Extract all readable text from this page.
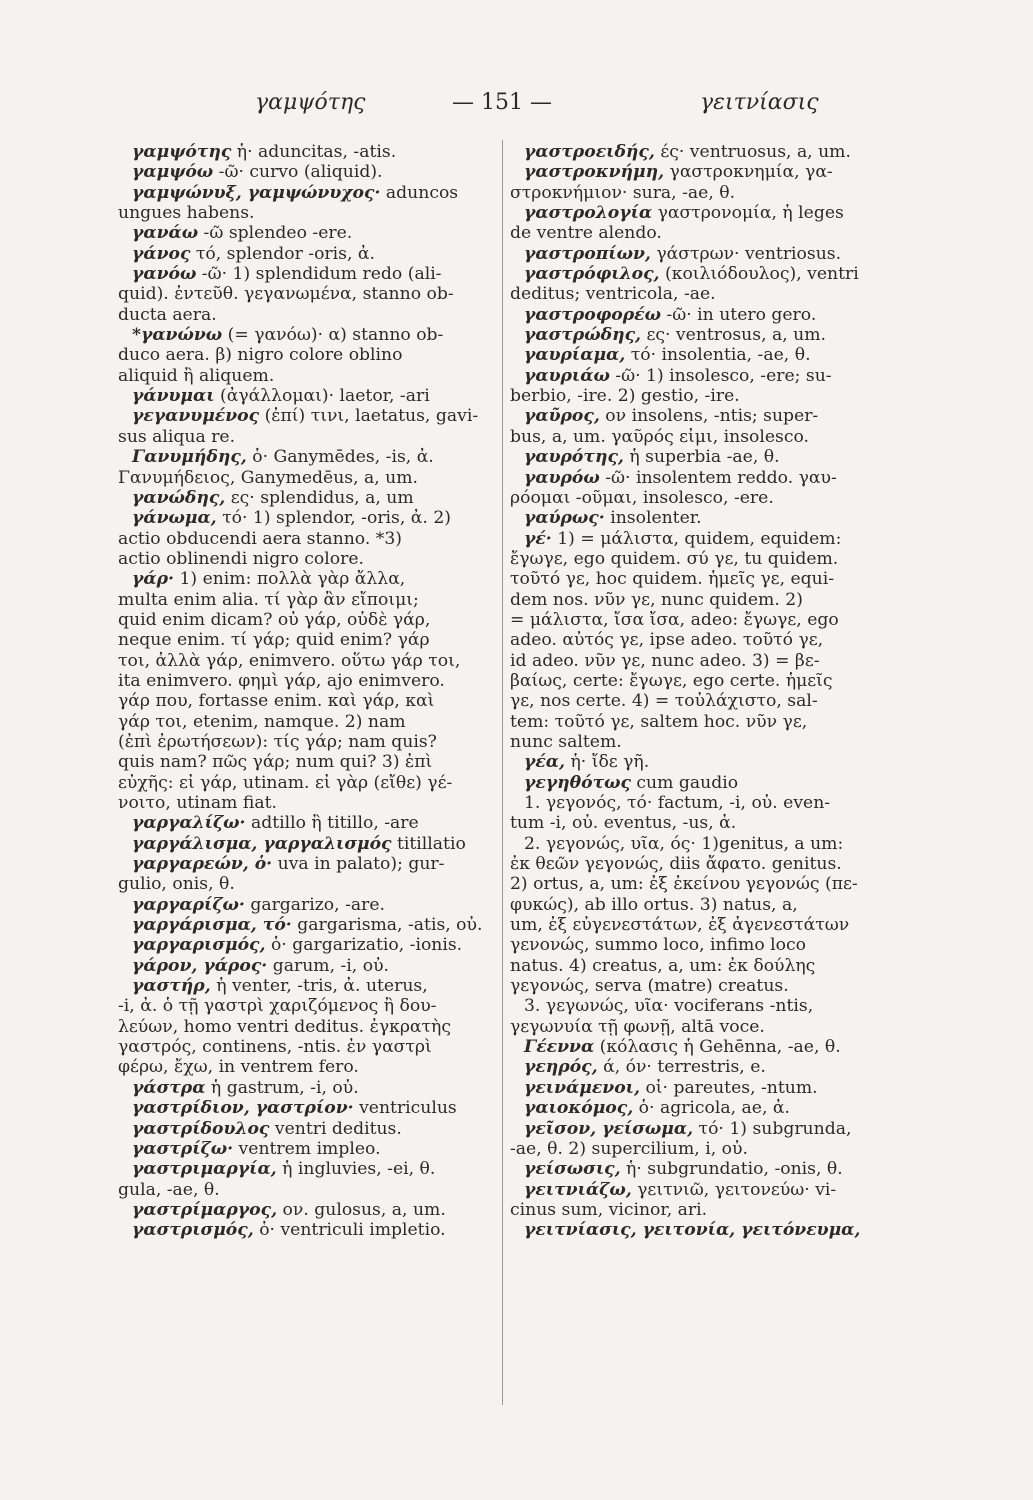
γαμψότης	— 151 —	γειτνίασις
γαμψότης ἡ· aduncitas, -atis.
γαμψόω -ῶ· curvo (aliquid).
γαμψώνυξ, γαμψώνυχος· aduncos
ungues habens.
γανάω -ῶ splendeo -ere.
γάνος τό, splendor -oris, ἀ.
γανόω -ῶ· 1) splendidum redo (ali-
quid). ἐντεῦθ. γεγανωμένα, stanno ob-
ducta aera.
*γανώνω (= γανόω)· α) stanno ob-
duco aera. β) nigro colore oblino
aliquid ἢ aliquem.
γάνυμαι (ἀγάλλομαι)· laetor, -ari
γεγανυμένος (ἐπί) τινι, laetatus, gavi-
sus aliqua re.
Γανυμήδης, ὁ· Ganymēdes, -is, ἀ.
Γανυμήδειος, Ganymedēus, a, um.
γανώδης, ες· splendidus, a, um
γάνωμα, τό· 1) splendor, -oris, ἀ. 2)
actio obducendi aera stanno. *3)
actio oblinendi nigro colore.
γάρ· 1) enim: πολλὰ γὰρ ἄλλα,
multa enim alia. τί γὰρ ἂν εἴποιμι;
quid enim dicam? οὐ γάρ, οὐδὲ γάρ,
neque enim. τί γάρ; quid enim? γάρ
τοι, ἀλλὰ γάρ, enimvero. οὕτω γάρ τοι,
ita enimvero. φημὶ γάρ, ajo enimvero.
γάρ που, fortasse enim. καὶ γάρ, καὶ
γάρ τοι, etenim, namque. 2) nam
(ἐπὶ ἐρωτήσεων): τίς γάρ; nam quis?
quis nam? πῶς γάρ; num qui? 3) ἐπὶ
εὐχῆς: εἰ γάρ, utinam. εἰ γὰρ (εἴθε) γέ-
νοιτο, utinam fiat.
γαργαλίζω· adtillo ἢ titillo, -are
γαργάλισμα, γαργαλισμός titillatio
γαργαρεών, ὁ· uva in palato); gur-
gulio, onis, θ.
γαργαρίζω· gargarizo, -are.
γαργάρισμα, τό· gargarisma, -atis, οὐ.
γαργαρισμός, ὁ· gargarizatio, -ionis.
γάρον, γάρος· garum, -i, οὐ.
γαστήρ, ἡ venter, -tris, ἀ. uterus,
-i, ἀ. ὁ τῇ γαστρὶ χαριζόμενος ἢ δου-
λεύων, homo ventri deditus. ἐγκρατὴς
γαστρός, continens, -ntis. ἐν γαστρὶ
φέρω, ἔχω, in ventrem fero.
γάστρα ἡ gastrum, -i, οὐ.
γαστρίδιον, γαστρίον· ventriculus
γαστρίδουλος ventri deditus.
γαστρίζω· ventrem impleo.
γαστριμαργία, ἡ ingluvies, -ei, θ.
gula, -ae, θ.
γαστρίμαργος, ον. gulosus, a, um.
γαστρισμός, ὁ· ventriculi impletio.
γαστροειδής, ές· ventruosus, a, um.
γαστροκνήμη, γαστροκνημία, γα-
στροκνήμιον· sura, -ae, θ.
γαστρολογία γαστρονομία, ἡ leges
de ventre alendo.
γαστροπίων, γάστρων· ventriosus.
γαστρόφιλος, (κοιλιόδουλος), ventri
deditus; ventricola, -ae.
γαστροφορέω -ῶ· in utero gero.
γαστρώδης, ες· ventrosus, a, um.
γαυρίαμα, τό· insolentia, -ae, θ.
γαυριάω -ῶ· 1) insolesco, -ere; su-
berbio, -ire. 2) gestio, -ire.
γαῦρος, ον insolens, -ntis; super-
bus, a, um. γαῦρός εἰμι, insolesco.
γαυρότης, ἡ superbia -ae, θ.
γαυρόω -ῶ· insolentem reddo. γαυ-
ρόομαι -οῦμαι, insolesco, -ere.
γαύρως· insolenter.
γέ· 1) = μάλιστα, quidem, equidem:
ἔγωγε, ego quidem. σύ γε, tu quidem.
τοῦτό γε, hoc quidem. ἡμεῖς γε, equi-
dem nos. νῦν γε, nunc quidem. 2)
= μάλιστα, ἴσα ἴσα, adeo: ἔγωγε, ego
adeo. αὐτός γε, ipse adeo. τοῦτό γε,
id adeo. νῦν γε, nunc adeo. 3) = βε-
βαίως, certe: ἔγωγε, ego certe. ἡμεῖς
γε, nos certe. 4) = τοὐλάχιστο, sal-
tem: τοῦτό γε, saltem hoc. νῦν γε,
nunc saltem.
γέα, ἡ· ἴδε γῆ.
γεγηθότως cum gaudio
1. γεγονός, τό· factum, -i, οὐ. even-
tum -i, οὐ. eventus, -us, ἀ.
2. γεγονώς, υῖα, ός· 1)genitus, a um:
ἐκ θεῶν γεγονώς, diis ἄφατο. genitus.
2) ortus, a, um: ἐξ ἐκείνου γεγονώς (πε-
φυκώς), ab illo ortus. 3) natus, a,
um, ἐξ εὐγενεστάτων, ἐξ ἀγενεστάτων
γενονώς, summo loco, infimo loco
natus. 4) creatus, a, um: ἐκ δούλης
γεγονώς, serva (matre) creatus.
3. γεγωνώς, υῖα· vociferans -ntis,
γεγωνυία τῇ φωνῇ, altā voce.
Γέεννα (κόλασις ἡ Gehēnna, -ae, θ.
γεηρός, ά, όν· terrestris, e.
γεινάμενοι, οἱ· pareutes, -ntum.
γαιοκόμος, ὁ· agricola, ae, ἀ.
γεῖσον, γείσωμα, τό· 1) subgrunda,
-ae, θ. 2) supercilium, i, οὐ.
γείσωσις, ἡ· subgrundatio, -onis, θ.
γειτνιάζω, γειτνιῶ, γειτονεύω· vi-
cinus sum, vicinor, ari.
γειτνίασις, γειτονία, γειτόνευμα,
